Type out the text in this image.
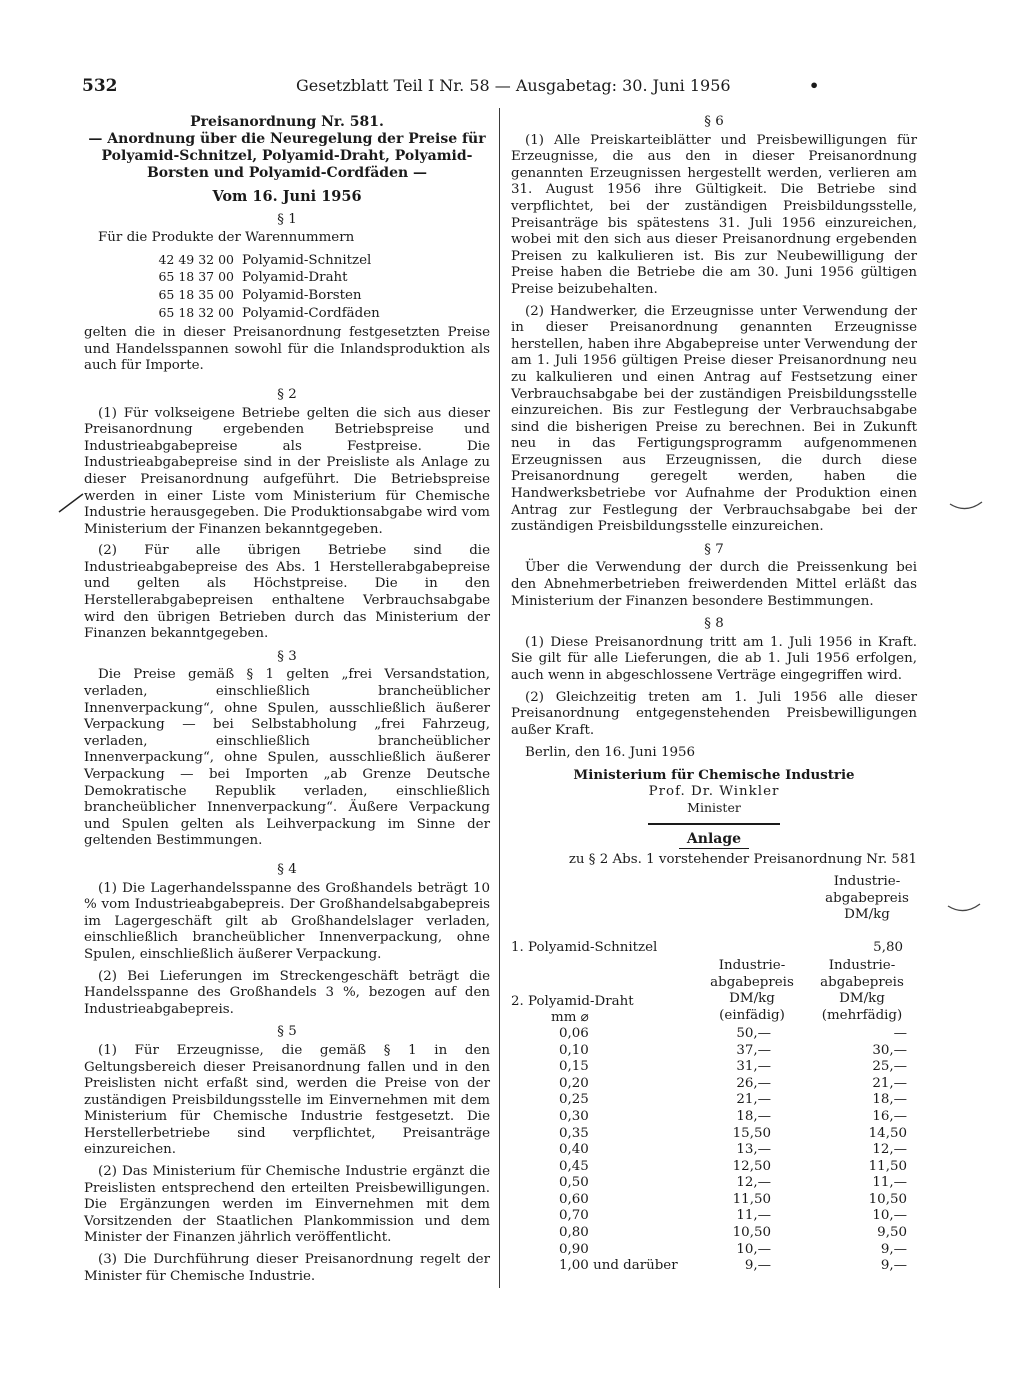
532	Gesetzblatt Teil I Nr. 58 — Ausgabetag: 30. Juni 1956	•

Preisanordnung Nr. 581.

— Anordnung über die Neuregelung der Preise für

Polyamid-Schnitzel, Polyamid-Draht, Polyamid-

Borsten und Polyamid-Cordfäden —

Vom 16. Juni 1956

§ 1

Für die Produkte der Warennummern

42 49 32 00 Polyamid-Schnitzel
65 18 37 00 Polyamid-Draht
65 18 35 00 Polyamid-Borsten
65 18 32 00 Polyamid-Cordfäden

gelten die in dieser Preisanordnung festgesetzten Preise und Handelsspannen sowohl für die Inlandsproduktion als auch für Importe.

§ 2

(1) Für volkseigene Betriebe gelten die sich aus dieser Preisanordnung ergebenden Betriebspreise und Industrieabgabepreise als Festpreise. Die Industrieabgabepreise sind in der Preisliste als Anlage zu dieser Preisanordnung aufgeführt. Die Betriebspreise werden in einer Liste vom Ministerium für Chemische Industrie herausgegeben. Die Produktionsabgabe wird vom Ministerium der Finanzen bekanntgegeben.

(2) Für alle übrigen Betriebe sind die Industrieabgabepreise des Abs. 1 Herstellerabgabepreise und gelten als Höchstpreise. Die in den Herstellerabgabepreisen enthaltene Verbrauchsabgabe wird den übrigen Betrieben durch das Ministerium der Finanzen bekanntgegeben.

§ 3

Die Preise gemäß § 1 gelten „frei Versandstation, verladen, einschließlich brancheüblicher Innenverpackung“, ohne Spulen, ausschließlich äußerer Verpackung — bei Selbstabholung „frei Fahrzeug, verladen, einschließlich brancheüblicher Innenverpackung“, ohne Spulen, ausschließlich äußerer Verpackung — bei Importen „ab Grenze Deutsche Demokratische Republik verladen, einschließlich brancheüblicher Innenverpackung“. Äußere Verpackung und Spulen gelten als Leihverpackung im Sinne der geltenden Bestimmungen.

§ 4

(1) Die Lagerhandelsspanne des Großhandels beträgt 10 % vom Industrieabgabepreis. Der Großhandelsabgabepreis im Lagergeschäft gilt ab Großhandelslager verladen, einschließlich brancheüblicher Innenverpackung, ohne Spulen, einschließlich äußerer Verpackung.

(2) Bei Lieferungen im Streckengeschäft beträgt die Handelsspanne des Großhandels 3 %, bezogen auf den Industrieabgabepreis.

§ 5

(1) Für Erzeugnisse, die gemäß § 1 in den Geltungsbereich dieser Preisanordnung fallen und in den Preislisten nicht erfaßt sind, werden die Preise von der zuständigen Preisbildungsstelle im Einvernehmen mit dem Ministerium für Chemische Industrie festgesetzt. Die Herstellerbetriebe sind verpflichtet, Preisanträge einzureichen.

(2) Das Ministerium für Chemische Industrie ergänzt die Preislisten entsprechend den erteilten Preisbewilligungen. Die Ergänzungen werden im Einvernehmen mit dem Vorsitzenden der Staatlichen Plankommission und dem Minister der Finanzen jährlich veröffentlicht.

(3) Die Durchführung dieser Preisanordnung regelt der Minister für Chemische Industrie.

§ 6

(1) Alle Preiskarteiblätter und Preisbewilligungen für Erzeugnisse, die aus den in dieser Preisanordnung genannten Erzeugnissen hergestellt werden, verlieren am 31. August 1956 ihre Gültigkeit. Die Betriebe sind verpflichtet, bei der zuständigen Preisbildungsstelle, Preisanträge bis spätestens 31. Juli 1956 einzureichen, wobei mit den sich aus dieser Preisanordnung ergebenden Preisen zu kalkulieren ist. Bis zur Neubewilligung der Preise haben die Betriebe die am 30. Juni 1956 gültigen Preise beizubehalten.

(2) Handwerker, die Erzeugnisse unter Verwendung der in dieser Preisanordnung genannten Erzeugnisse herstellen, haben ihre Abgabepreise unter Verwendung der am 1. Juli 1956 gültigen Preise dieser Preisanordnung neu zu kalkulieren und einen Antrag auf Festsetzung einer Verbrauchsabgabe bei der zuständigen Preisbildungsstelle einzureichen. Bis zur Festlegung der Verbrauchsabgabe sind die bisherigen Preise zu berechnen. Bei in Zukunft neu in das Fertigungsprogramm aufgenommenen Erzeugnissen aus Erzeugnissen, die durch diese Preisanordnung geregelt werden, haben die Handwerksbetriebe vor Aufnahme der Produktion einen Antrag zur Festlegung der Verbrauchsabgabe bei der zuständigen Preisbildungsstelle einzureichen.

§ 7

Über die Verwendung der durch die Preissenkung bei den Abnehmerbetrieben freiwerdenden Mittel erläßt das Ministerium der Finanzen besondere Bestimmungen.

§ 8

(1) Diese Preisanordnung tritt am 1. Juli 1956 in Kraft. Sie gilt für alle Lieferungen, die ab 1. Juli 1956 erfolgen, auch wenn in abgeschlossene Verträge eingegriffen wird.

(2) Gleichzeitig treten am 1. Juli 1956 alle dieser Preisanordnung entgegenstehenden Preisbewilligungen außer Kraft.

Berlin, den 16. Juni 1956

Ministerium für Chemische Industrie

Prof. Dr. Winkler

Minister

Anlage

zu § 2 Abs. 1 vorstehender Preisanordnung Nr. 581

Industrie-
abgabepreis
DM/kg
1. Polyamid-Schnitzel	5,80
2. Polyamid-Draht
mm ⌀
Industrie-
abgabepreis
DM/kg
(einfädig)
Industrie-
abgabepreis
DM/kg
(mehrfädig)
0,06	50,—	—
0,10	37,—	30,—
0,15	31,—	25,—
0,20	26,—	21,—
0,25	21,—	18,—
0,30	18,—	16,—
0,35	15,50	14,50
0,40	13,—	12,—
0,45	12,50	11,50
0,50	12,—	11,—
0,60	11,50	10,50
0,70	11,—	10,—
0,80	10,50	9,50
0,90	10,—	9,—
1,00 und darüber	9,—	9,—
